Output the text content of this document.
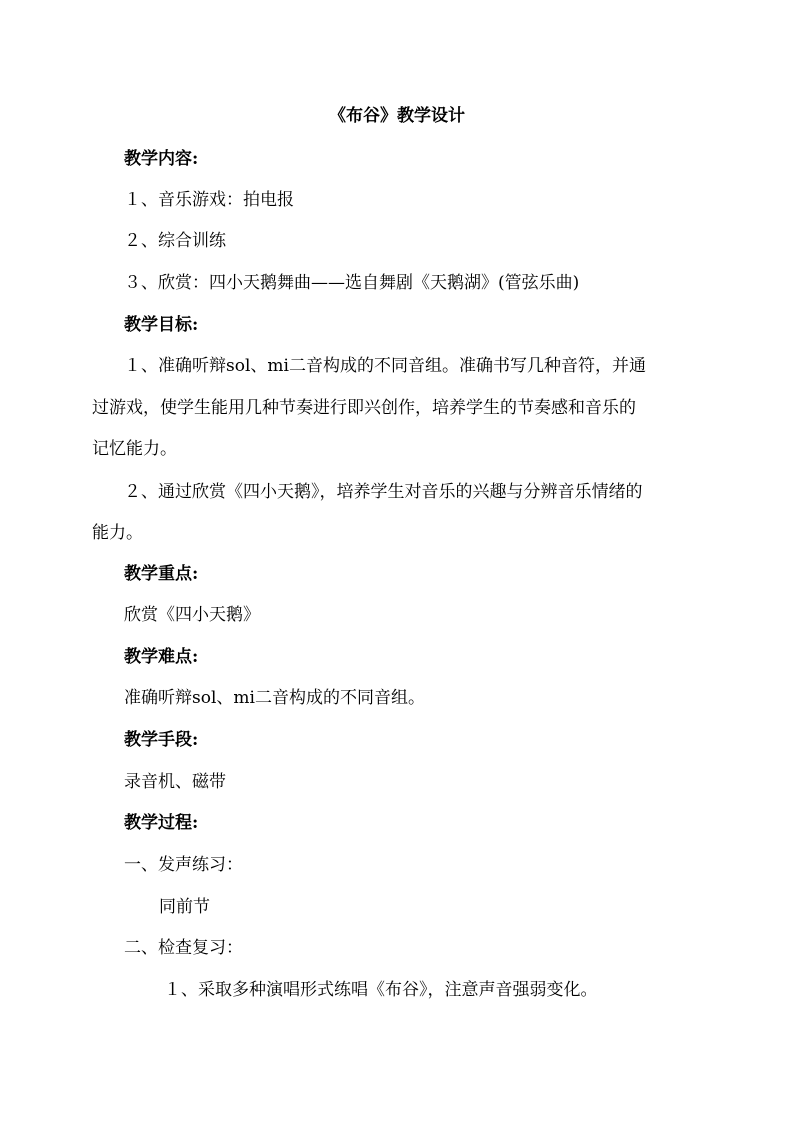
《布谷》教学设计
教学内容:
１、音乐游戏：拍电报
２、综合训练
３、欣赏：四小天鹅舞曲——选自舞剧《天鹅湖》(管弦乐曲)
教学目标:
１、准确听辩sol、mi二音构成的不同音组。准确书写几种音符，并通
过游戏，使学生能用几种节奏进行即兴创作，培养学生的节奏感和音乐的
记忆能力。
２、通过欣赏《四小天鹅》，培养学生对音乐的兴趣与分辨音乐情绪的
能力。
教学重点:
欣赏《四小天鹅》
教学难点:
准确听辩sol、mi二音构成的不同音组。
教学手段:
录音机、磁带
教学过程:
一、发声练习：
同前节
二、检查复习：
１、采取多种演唱形式练唱《布谷》，注意声音强弱变化。
